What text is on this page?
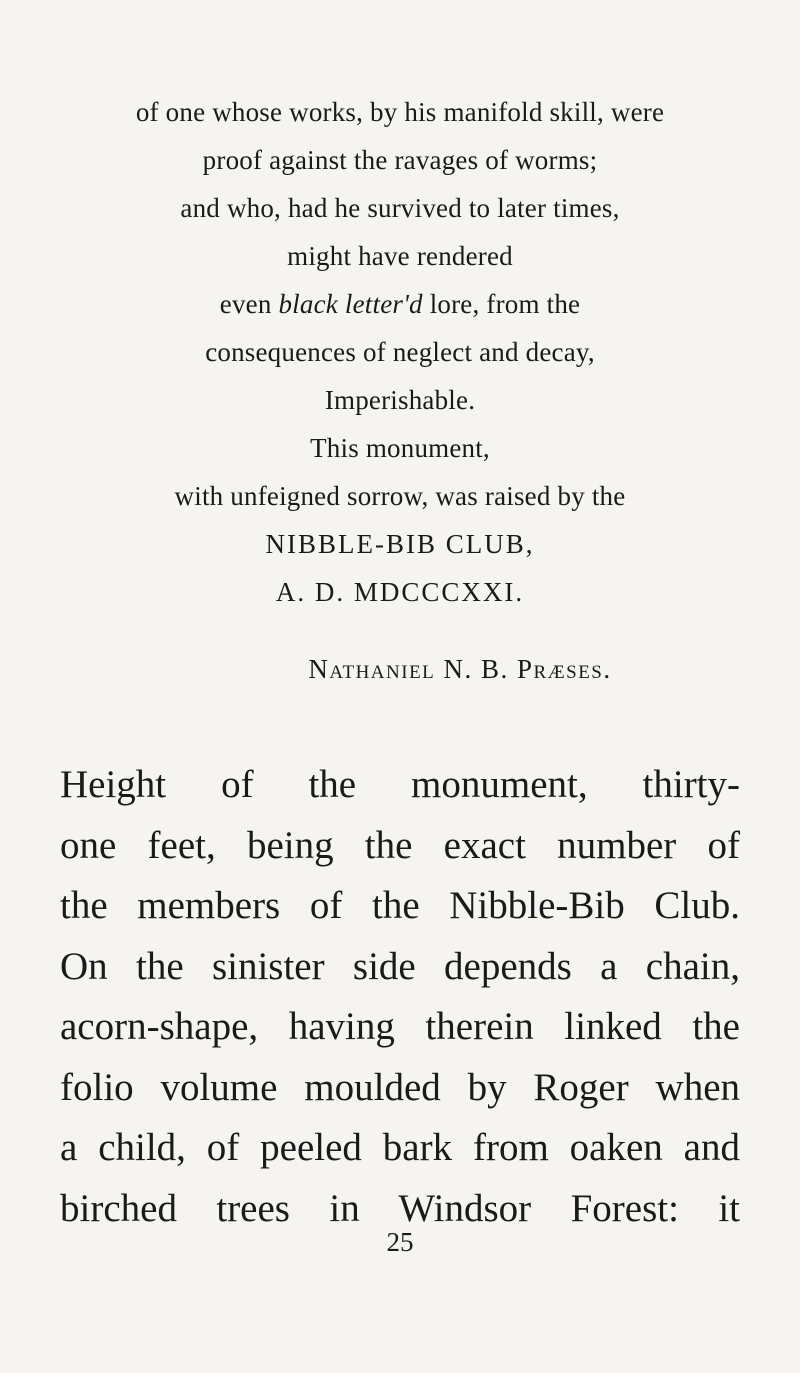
of one whose works, by his manifold skill, were
proof against the ravages of worms;
and who, had he survived to later times,
might have rendered
even black letter'd lore, from the
consequences of neglect and decay,
Imperishable.
This monument,
with unfeigned sorrow, was raised by the
NIBBLE-BIB CLUB,
A. D. MDCCCXXI.
Nathaniel N. B. Præses.
Height of the monument, thirty-
one feet, being the exact number of
the members of the Nibble-Bib Club.
On the sinister side depends a chain,
acorn-shape, having therein linked the
folio volume moulded by Roger when
a child, of peeled bark from oaken and
birched trees in Windsor Forest: it
25
